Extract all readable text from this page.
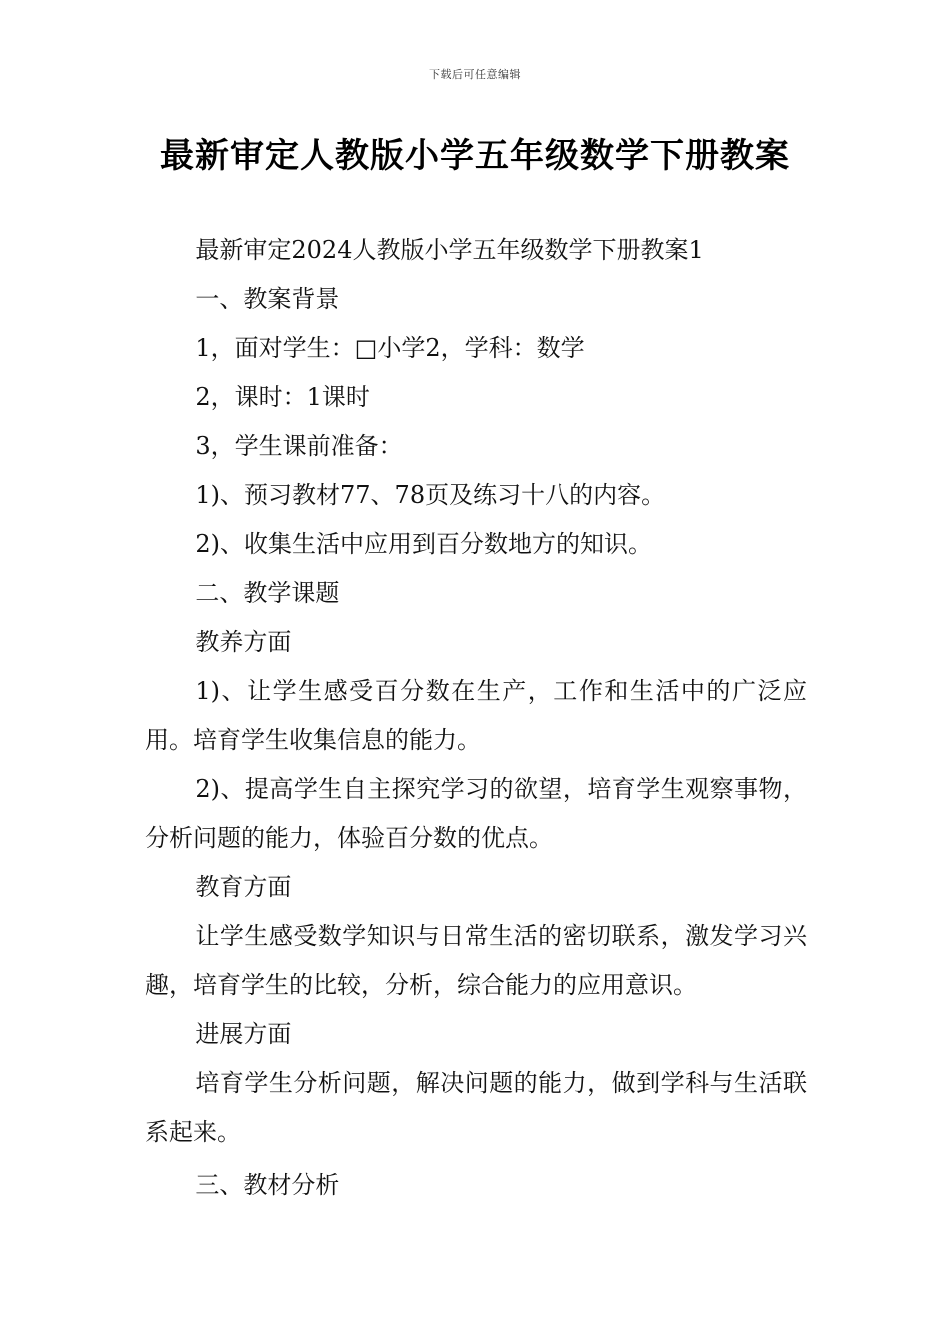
下载后可任意编辑
最新审定人教版小学五年级数学下册教案

最新审定2024人教版小学五年级数学下册教案1

一、教案背景

1，面对学生：□小学2，学科：数学

2，课时：1课时

3，学生课前准备：

1)、预习教材77、78页及练习十八的内容。

2)、收集生活中应用到百分数地方的知识。

二、教学课题

教养方面

1)、让学生感受百分数在生产，工作和生活中的广泛应用。培育学生收集信息的能力。

2)、提高学生自主探究学习的欲望，培育学生观察事物，分析问题的能力，体验百分数的优点。

教育方面

让学生感受数学知识与日常生活的密切联系，激发学习兴趣，培育学生的比较，分析，综合能力的应用意识。

进展方面

培育学生分析问题，解决问题的能力，做到学科与生活联系起来。

三、教材分析
